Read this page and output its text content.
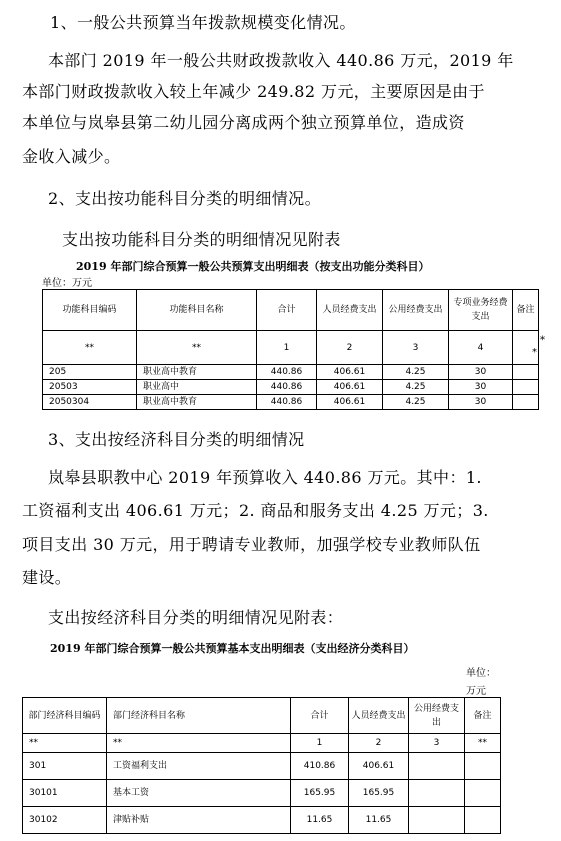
1、一般公共预算当年拨款规模变化情况。
本部门 2019 年一般公共财政拨款收入 440.86 万元，2019 年
本部门财政拨款收入较上年减少 249.82 万元，主要原因是由于
本单位与岚皋县第二幼儿园分离成两个独立预算单位，造成资
金收入减少。
2、支出按功能科目分类的明细情况。
支出按功能科目分类的明细情况见附表
2019 年部门综合预算一般公共预算支出明细表（按支出功能分类科目）
单位：万元
功能科目编码	功能科目名称	合计	人员经费支出	公用经费支出	专项业务经费支出	备注
**	**	1	2	3	4	*

205	职业高中教育	440.86	406.61	4.25	30	
20503	职业高中	440.86	406.61	4.25	30	
2050304	职业高中教育	440.86	406.61	4.25	30	
*
3、支出按经济科目分类的明细情况
岚皋县职教中心 2019 年预算收入 440.86 万元。其中：1.
工资福利支出 406.61 万元；2. 商品和服务支出 4.25 万元；3.
项目支出 30 万元，用于聘请专业教师，加强学校专业教师队伍
建设。
支出按经济科目分类的明细情况见附表：
2019 年部门综合预算一般公共预算基本支出明细表（支出经济分类科目）
单位：
万元
部门经济科目编码	部门经济科目名称	合计	人员经费支出	公用经费支出	备注
**	**	1	2	3	**
301	工资福利支出	410.86	406.61		
30101	基本工资	165.95	165.95		
30102	津贴补贴	11.65	11.65		
